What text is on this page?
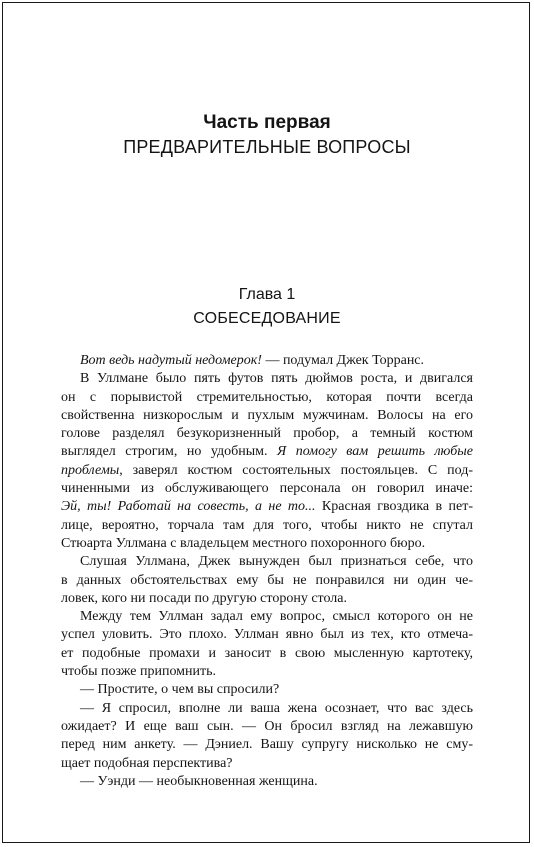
Часть первая
ПРЕДВАРИТЕЛЬНЫЕ ВОПРОСЫ
Глава 1
СОБЕСЕДОВАНИЕ

Вот ведь надутый недомерок! — подумал Джек Торранс.

В Уллмане было пять футов пять дюймов роста, и двигался
он с порывистой стремительностью, которая почти всегда
свойственна низкорослым и пухлым мужчинам. Волосы на его
голове разделял безукоризненный пробор, а темный костюм
выглядел строгим, но удобным. Я помогу вам решить любые
проблемы, заверял костюм состоятельных постояльцев. С под-
чиненными из обслуживающего персонала он говорил иначе:
Эй, ты! Работай на совесть, а не то... Красная гвоздика в пет-
лице, вероятно, торчала там для того, чтобы никто не спутал
Стюарта Уллмана с владельцем местного похоронного бюро.

Слушая Уллмана, Джек вынужден был признаться себе, что
в данных обстоятельствах ему бы не понравился ни один че-
ловек, кого ни посади по другую сторону стола.

Между тем Уллман задал ему вопрос, смысл которого он не
успел уловить. Это плохо. Уллман явно был из тех, кто отмеча-
ет подобные промахи и заносит в свою мысленную картотеку,
чтобы позже припомнить.

— Простите, о чем вы спросили?

— Я спросил, вполне ли ваша жена осознает, что вас здесь
ожидает? И еще ваш сын. — Он бросил взгляд на лежавшую
перед ним анкету. — Дэниел. Вашу супругу нисколько не сму-
щает подобная перспектива?

— Уэнди — необыкновенная женщина.
